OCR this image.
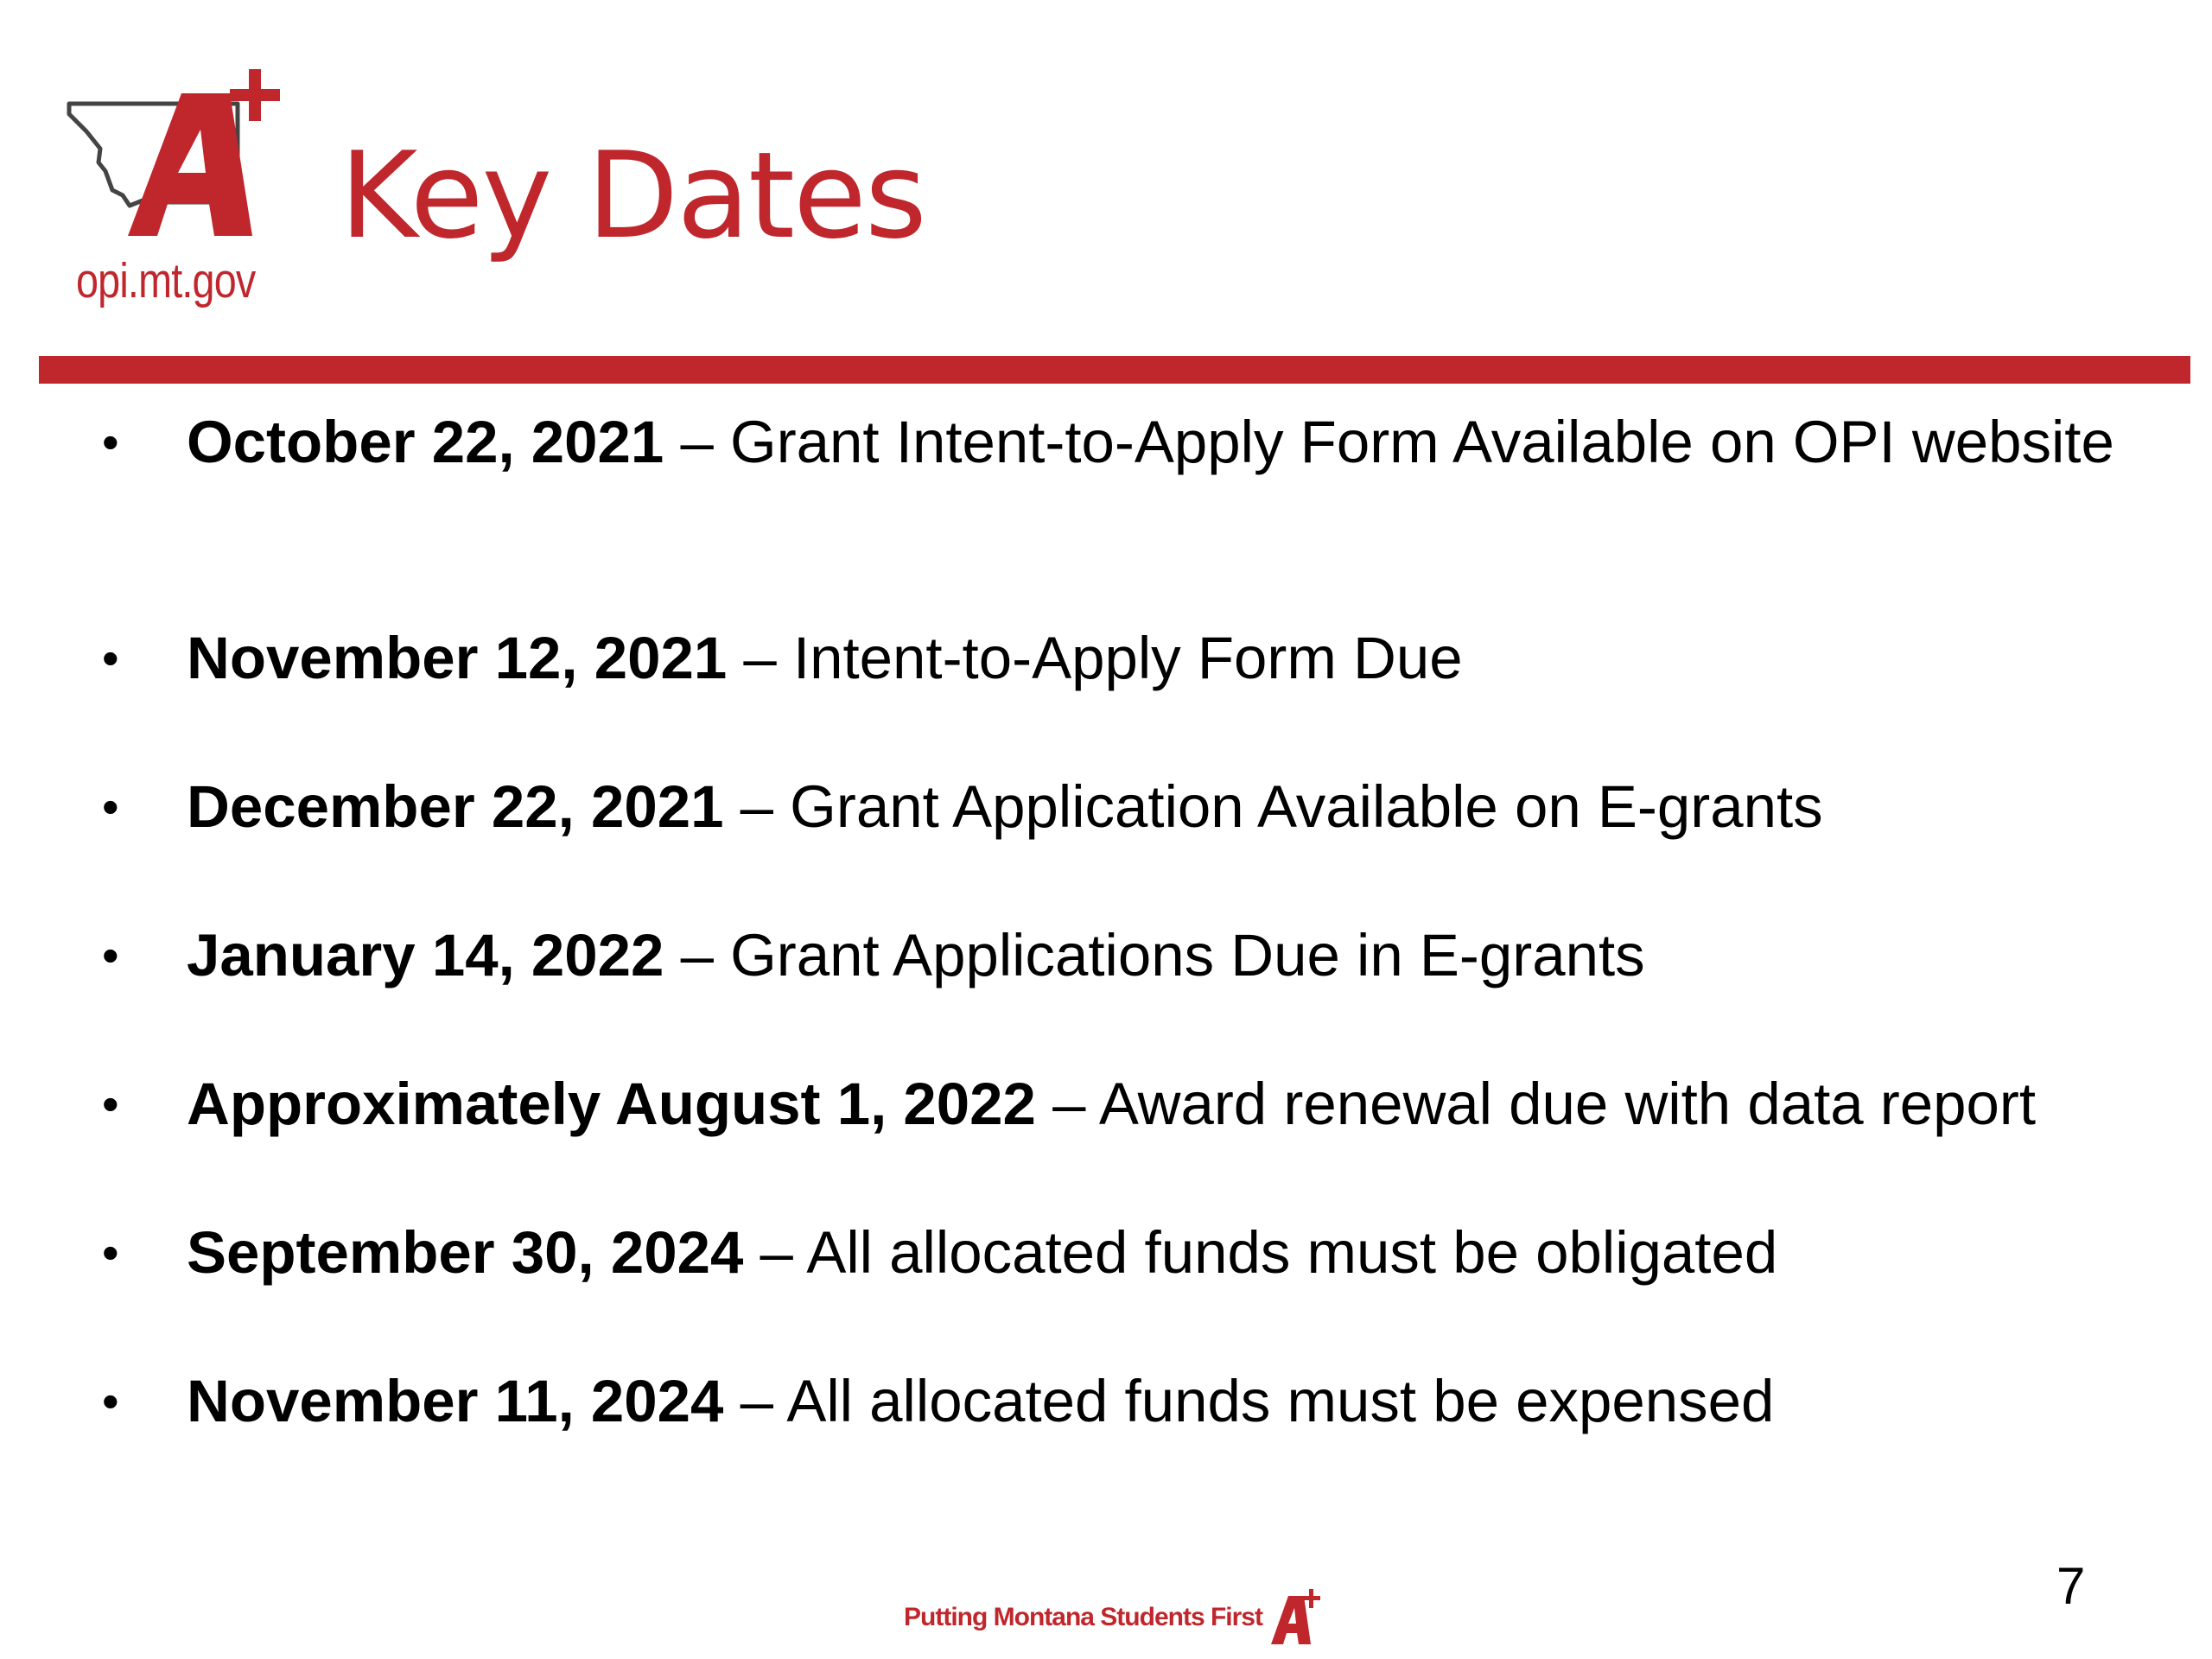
opi.mt.gov
Key Dates
• October 22, 2021 – Grant Intent-to-Apply Form Available on OPI website
• November 12, 2021 – Intent-to-Apply Form Due
• December 22, 2021 – Grant Application Available on E-grants
• January 14, 2022 – Grant Applications Due in E-grants
• Approximately August 1, 2022 – Award renewal due with data report
• September 30, 2024 – All allocated funds must be obligated
• November 11, 2024 – All allocated funds must be expensed
Putting Montana Students First
7
